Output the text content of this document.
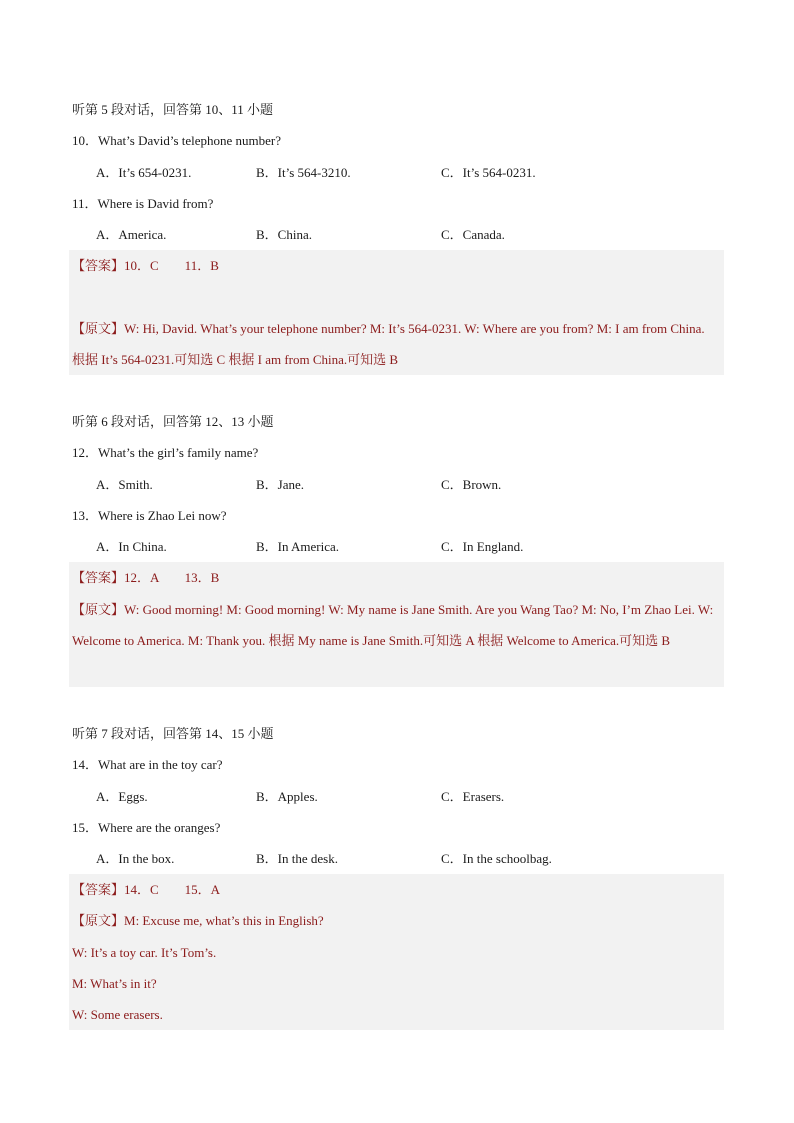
听第 5 段对话，回答第 10、11 小题
10．What’s David’s telephone number?
A．It’s 654-0231.	B．It’s 564-3210.	C．It’s 564-0231.
11．Where is David from?
A．America.	B．China.	C．Canada.
【答案】10．C　　11．B
【原文】W: Hi, David. What’s your telephone number? M: It’s 564-0231. W: Where are you from? M: I am from China. 根据 It’s 564-0231.可知选 C 根据 I am from China.可知选 B
听第 6 段对话，回答第 12、13 小题
12．What’s the girl’s family name?
A．Smith.	B．Jane.	C．Brown.
13．Where is Zhao Lei now?
A．In China.	B．In America.	C．In England.
【答案】12．A　　13．B
【原文】W: Good morning! M: Good morning! W: My name is Jane Smith. Are you Wang Tao? M: No, I’m Zhao Lei. W: Welcome to America. M: Thank you. 根据 My name is Jane Smith.可知选 A 根据 Welcome to America.可知选 B
听第 7 段对话，回答第 14、15 小题
14．What are in the toy car?
A．Eggs.	B．Apples.	C．Erasers.
15．Where are the oranges?
A．In the box.	B．In the desk.	C．In the schoolbag.
【答案】14．C　　15．A
【原文】M: Excuse me, what’s this in English?
W: It’s a toy car. It’s Tom’s.
M: What’s in it?
W: Some erasers.
